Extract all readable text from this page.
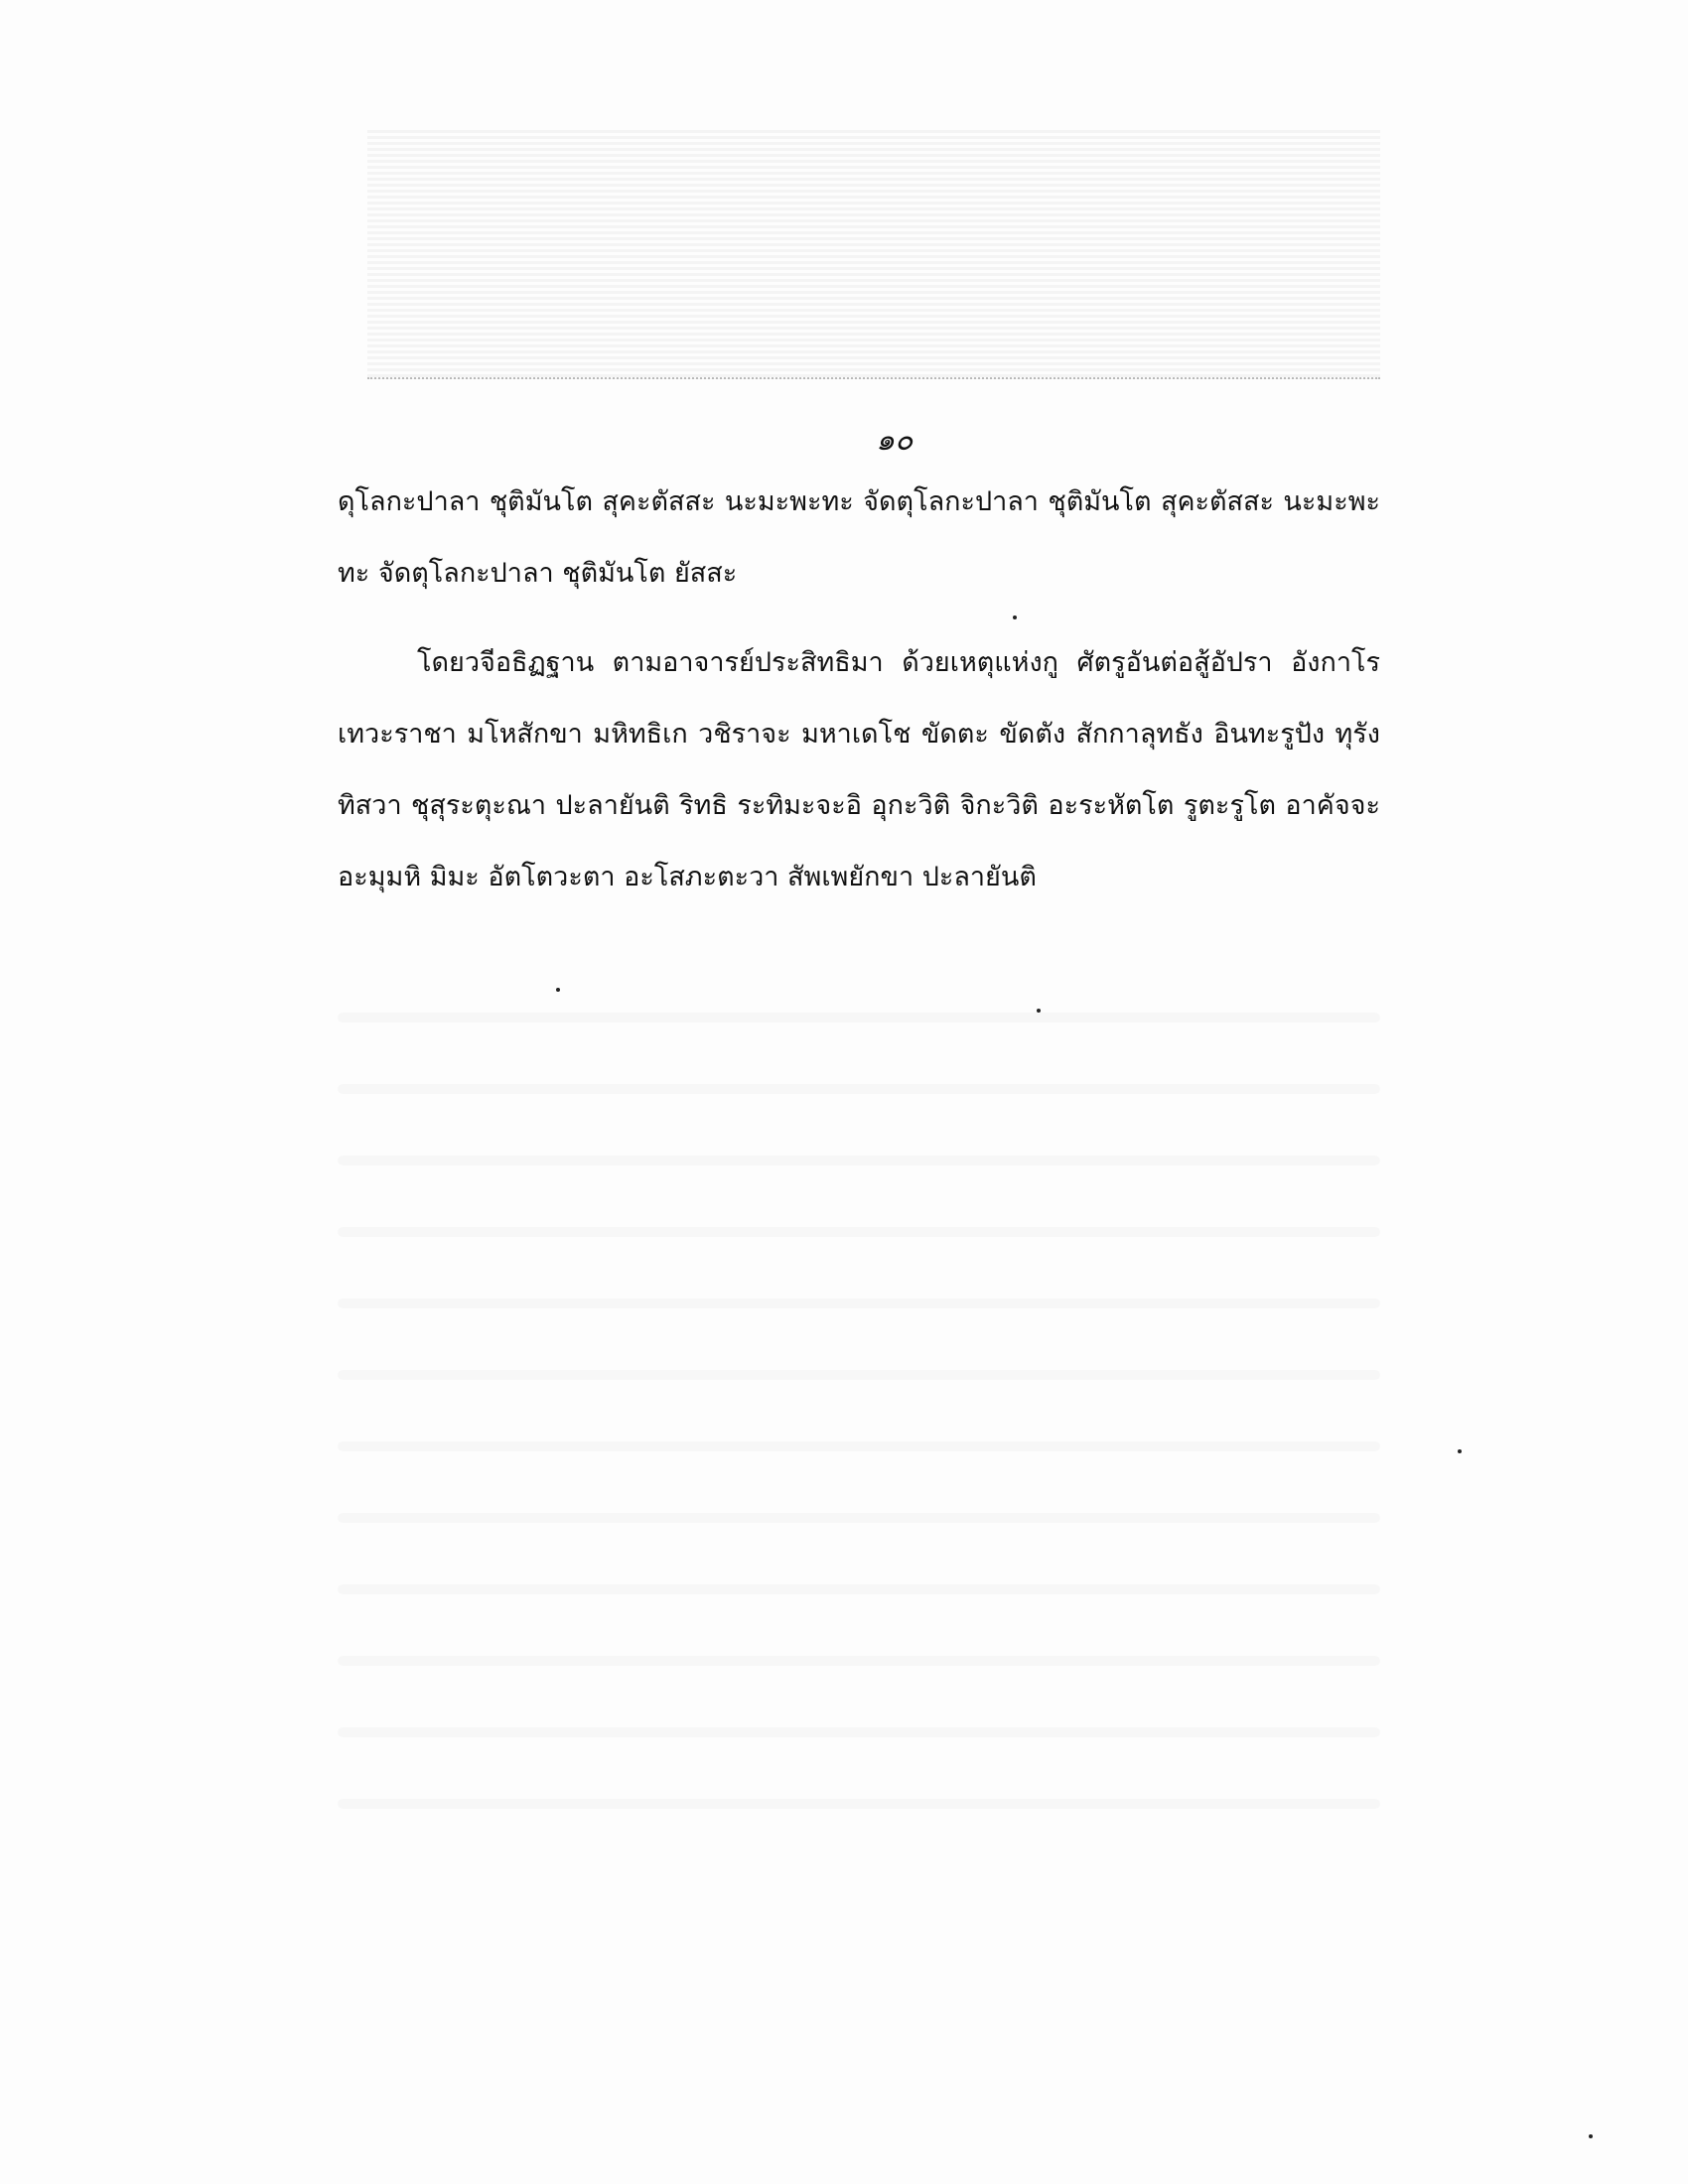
๑๐

ดุโลกะปาลา ชุติมันโต สุคะตัสสะ นะมะพะทะ จัดตุโลกะปาลา ชุติมันโต สุคะตัสสะ นะมะพะทะ จัดตุโลกะปาลา ชุติมันโต ยัสสะ

โดยวจีอธิฏฐาน ตามอาจารย์ประสิทธิมา ด้วยเหตุแห่งกู ศัตรูอันต่อสู้อัปรา อังกาโร เทวะราชา มโหสักขา มหิทธิเก วชิราจะ มหาเดโช ขัดตะ ขัดตัง สักกาลุทธัง อินทะรูปัง ทุรังทิสวา ชุสุระตุะณา ปะลายันติ ริทธิ ระทิมะจะอิ อุกะวิติ จิกะวิติ อะระหัตโต รูตะรูโต อาคัจจะ อะมุมหิ มิมะ อัตโตวะตา อะโสภะตะวา สัพเพยักขา ปะลายันติ
